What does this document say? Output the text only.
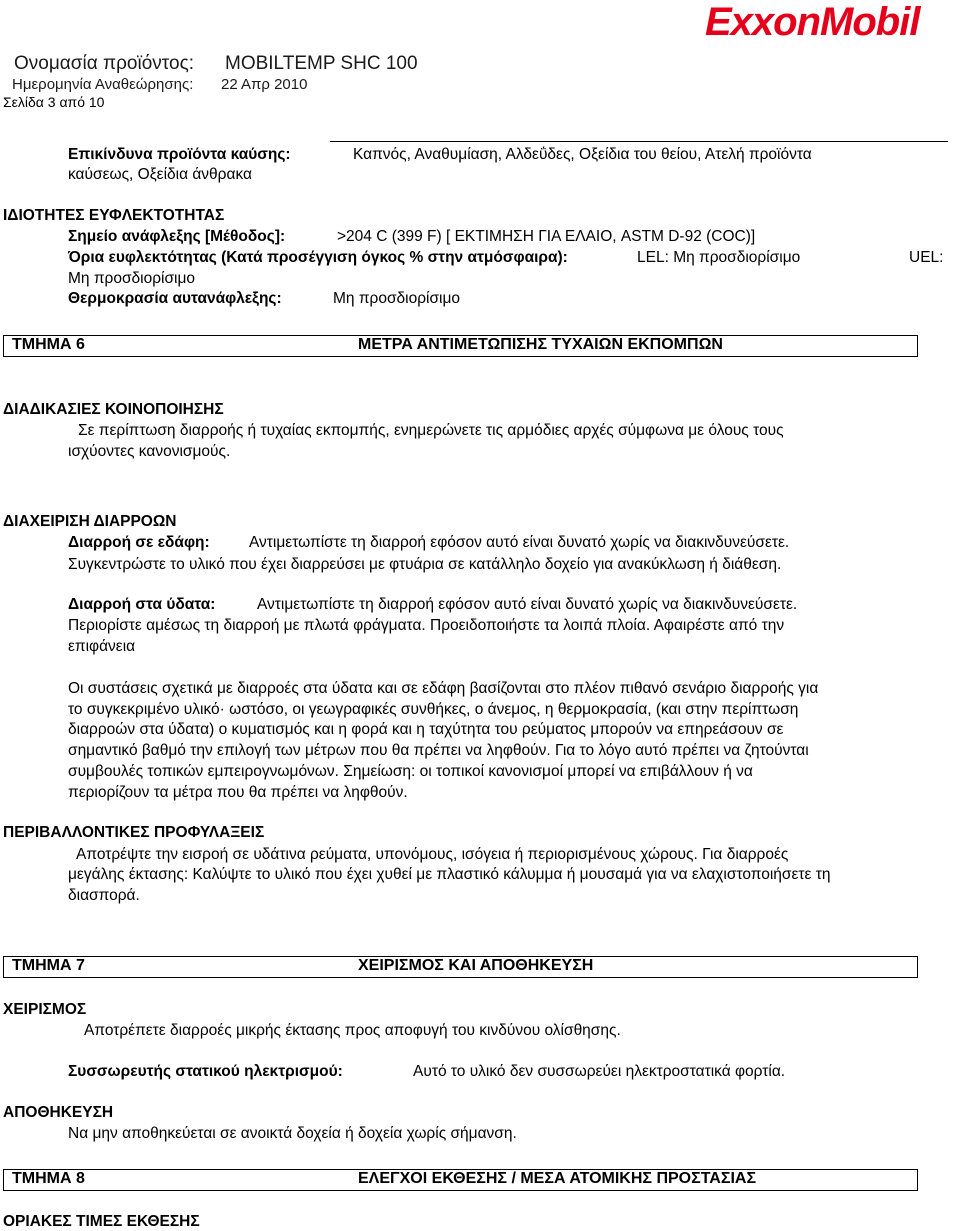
Ονομασία προϊόντος: MOBILTEMP SHC 100
Ημερομηνία Αναθεώρησης: 22 Απρ 2010
Σελίδα 3 από 10
ExxonMobil
Επικίνδυνα προϊόντα καύσης:	Καπνός, Αναθυμίαση, Αλδεΰδες, Οξείδια του θείου, Ατελή προϊόντα
καύσεως, Οξείδια άνθρακα
ΙΔΙΟΤΗΤΕΣ ΕΥΦΛΕΚΤΟΤΗΤΑΣ
Σημείο ανάφλεξης [Μέθοδος]:	>204 C (399 F) [ ΕΚΤΙΜΗΣΗ ΓΙΑ ΕΛΑΙΟ, ASTM D-92 (COC)]
Όρια ευφλεκτότητας (Κατά προσέγγιση όγκος % στην ατμόσφαιρα):	LEL: Μη προσδιορίσιμο	UEL:
Μη προσδιορίσιμο
Θερμοκρασία αυτανάφλεξης:	Μη προσδιορίσιμο
ΤΜΗΜΑ 6	ΜΕΤΡΑ ΑΝΤΙΜΕΤΩΠΙΣΗΣ ΤΥΧΑΙΩΝ ΕΚΠΟΜΠΩΝ
ΔΙΑΔΙΚΑΣΙΕΣ ΚΟΙΝΟΠΟΙΗΣΗΣ
Σε περίπτωση διαρροής ή τυχαίας εκπομπής, ενημερώνετε τις αρμόδιες αρχές σύμφωνα με όλους τους
ισχύοντες κανονισμούς.
ΔΙΑΧΕΙΡΙΣΗ ΔΙΑΡΡΟΩΝ
Διαρροή σε εδάφη:	Αντιμετωπίστε τη διαρροή εφόσον αυτό είναι δυνατό χωρίς να διακινδυνεύσετε.
Συγκεντρώστε το υλικό που έχει διαρρεύσει με φτυάρια σε κατάλληλο δοχείο για ανακύκλωση ή διάθεση.
Διαρροή στα ύδατα:	Αντιμετωπίστε τη διαρροή εφόσον αυτό είναι δυνατό χωρίς να διακινδυνεύσετε.
Περιορίστε αμέσως τη διαρροή με πλωτά φράγματα. Προειδοποιήστε τα λοιπά πλοία. Αφαιρέστε από την
επιφάνεια
Οι συστάσεις σχετικά με διαρροές στα ύδατα και σε εδάφη βασίζονται στο πλέον πιθανό σενάριο διαρροής για
το συγκεκριμένο υλικό· ωστόσο, οι γεωγραφικές συνθήκες, ο άνεμος, η θερμοκρασία, (και στην περίπτωση
διαρροών στα ύδατα) ο κυματισμός και η φορά και η ταχύτητα του ρεύματος μπορούν να επηρεάσουν σε
σημαντικό βαθμό την επιλογή των μέτρων που θα πρέπει να ληφθούν. Για το λόγο αυτό πρέπει να ζητούνται
συμβουλές τοπικών εμπειρογνωμόνων. Σημείωση: οι τοπικοί κανονισμοί μπορεί να επιβάλλουν ή να
περιορίζουν τα μέτρα που θα πρέπει να ληφθούν.
ΠΕΡΙΒΑΛΛΟΝΤΙΚΕΣ ΠΡΟΦΥΛΑΞΕΙΣ
Αποτρέψτε την εισροή σε υδάτινα ρεύματα, υπονόμους, ισόγεια ή περιορισμένους χώρους. Για διαρροές
μεγάλης έκτασης: Καλύψτε το υλικό που έχει χυθεί με πλαστικό κάλυμμα ή μουσαμά για να ελαχιστοποιήσετε τη
διασπορά.
ΤΜΗΜΑ 7	ΧΕΙΡΙΣΜΟΣ ΚΑΙ ΑΠΟΘΗΚΕΥΣΗ
ΧΕΙΡΙΣΜΟΣ
Αποτρέπετε διαρροές μικρής έκτασης προς αποφυγή του κινδύνου ολίσθησης.
Συσσωρευτής στατικού ηλεκτρισμού:	Αυτό το υλικό δεν συσσωρεύει ηλεκτροστατικά φορτία.
ΑΠΟΘΗΚΕΥΣΗ
Να μην αποθηκεύεται σε ανοικτά δοχεία ή δοχεία χωρίς σήμανση.
ΤΜΗΜΑ 8	ΕΛΕΓΧΟΙ ΕΚΘΕΣΗΣ / ΜΕΣΑ ΑΤΟΜΙΚΗΣ ΠΡΟΣΤΑΣΙΑΣ
ΟΡΙΑΚΕΣ ΤΙΜΕΣ ΕΚΘΕΣΗΣ
